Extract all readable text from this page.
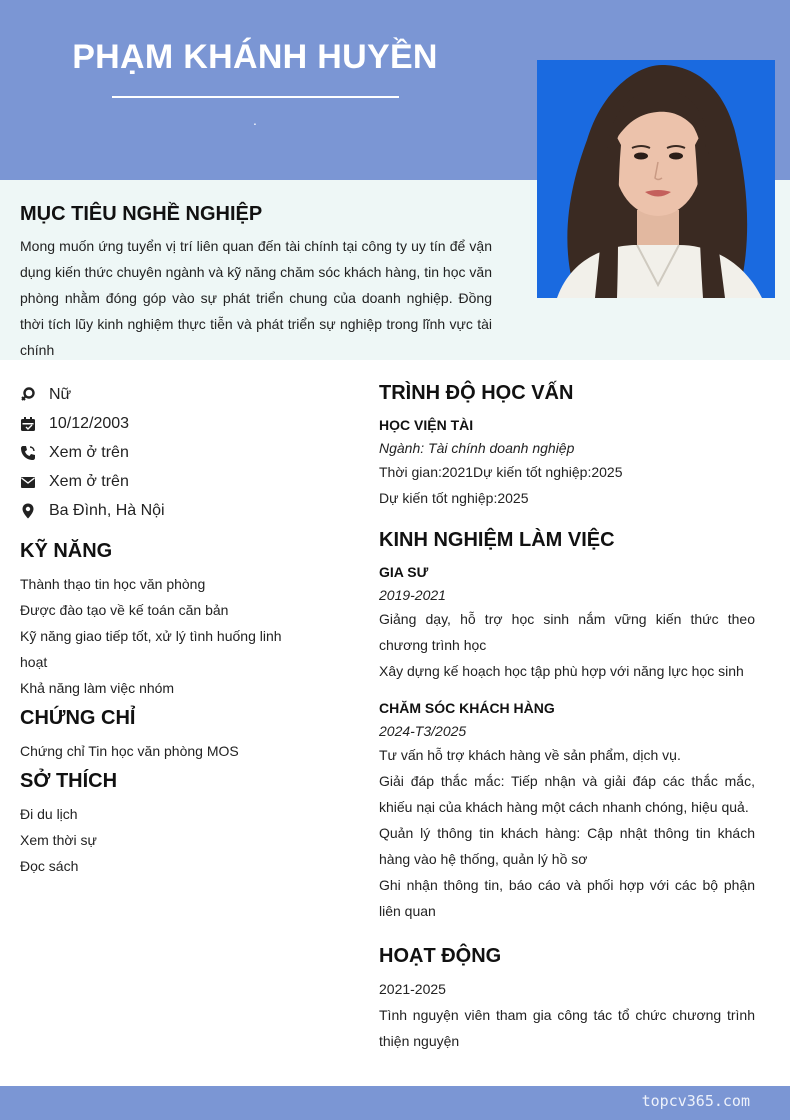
PHẠM KHÁNH HUYỀN
.
MỤC TIÊU NGHỀ NGHIỆP
Mong muốn ứng tuyển vị trí liên quan đến tài chính tại công ty uy tín để vận dụng kiến thức chuyên ngành và kỹ năng chăm sóc khách hàng, tin học văn phòng nhằm đóng góp vào sự phát triển chung của doanh nghiệp. Đồng thời tích lũy kinh nghiệm thực tiễn và phát triển sự nghiệp trong lĩnh vực tài chính
Nữ
10/12/2003
Xem ở trên
Xem ở trên
Ba Đình, Hà Nội
KỸ NĂNG
Thành thạo tin học văn phòng
Được đào tạo về kế toán căn bản
Kỹ năng giao tiếp tốt, xử lý tình huống linh hoạt
Khả năng làm việc nhóm
CHỨNG CHỈ
Chứng chỉ Tin học văn phòng MOS
SỞ THÍCH
Đi du lịch
Xem thời sự
Đọc sách
TRÌNH ĐỘ HỌC VẤN
HỌC VIỆN TÀI
Ngành: Tài chính doanh nghiệp
Thời gian:2021Dự kiến tốt nghiệp:2025
Dự kiến tốt nghiệp:2025
KINH NGHIỆM LÀM VIỆC
GIA SƯ
2019-2021
Giảng dạy, hỗ trợ học sinh nắm vững kiến thức theo chương trình học
Xây dựng kế hoạch học tập phù hợp với năng lực học sinh
CHĂM SÓC KHÁCH HÀNG
2024-T3/2025
Tư vấn hỗ trợ khách hàng về sản phẩm, dịch vụ.
Giải đáp thắc mắc: Tiếp nhận và giải đáp các thắc mắc, khiếu nại của khách hàng một cách nhanh chóng, hiệu quả.
Quản lý thông tin khách hàng: Cập nhật thông tin khách hàng vào hệ thống, quản lý hồ sơ
Ghi nhận thông tin, báo cáo và phối hợp với các bộ phận liên quan
HOẠT ĐỘNG
2021-2025
Tình nguyện viên tham gia công tác tổ chức chương trình thiện nguyện
topcv365.com
